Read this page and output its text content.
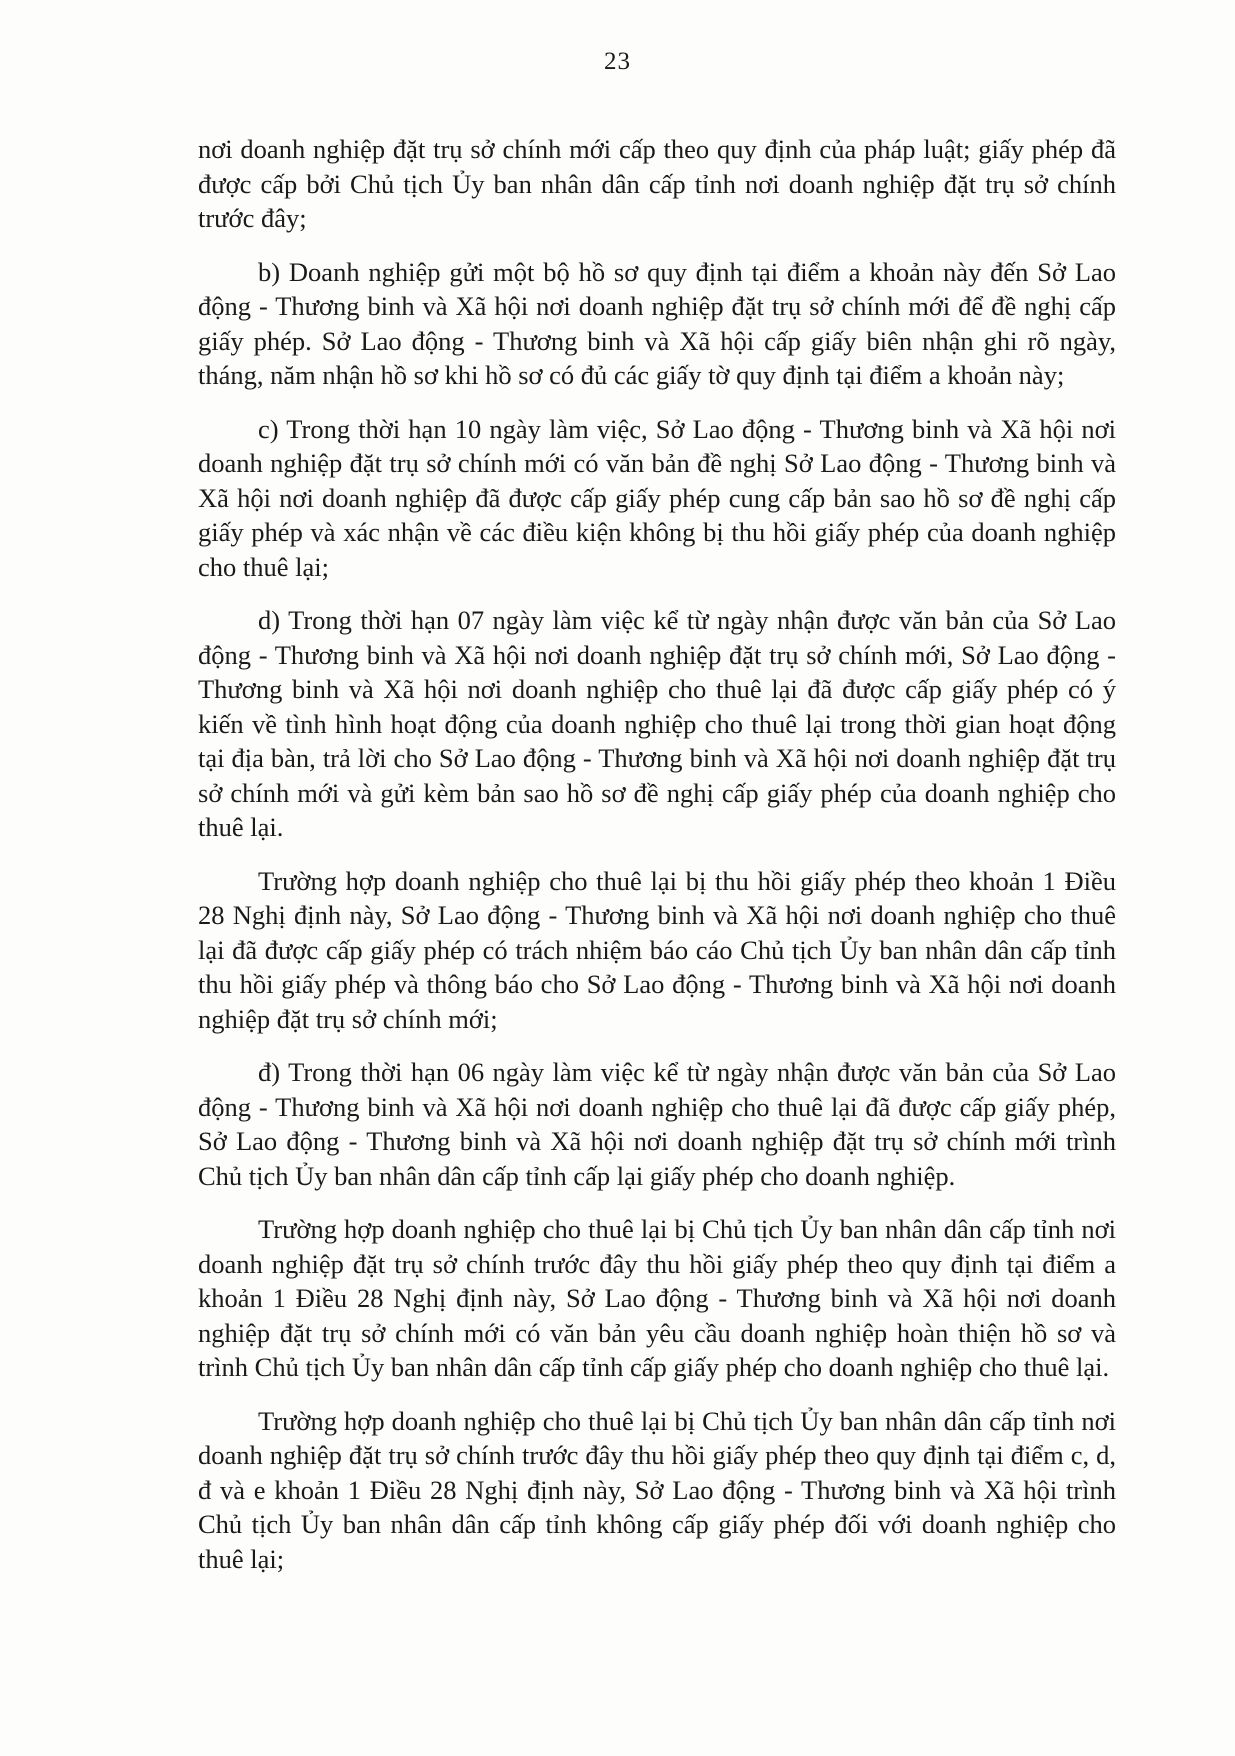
23

nơi doanh nghiệp đặt trụ sở chính mới cấp theo quy định của pháp luật; giấy phép đã được cấp bởi Chủ tịch Ủy ban nhân dân cấp tỉnh nơi doanh nghiệp đặt trụ sở chính trước đây;

b) Doanh nghiệp gửi một bộ hồ sơ quy định tại điểm a khoản này đến Sở Lao động - Thương binh và Xã hội nơi doanh nghiệp đặt trụ sở chính mới để đề nghị cấp giấy phép. Sở Lao động - Thương binh và Xã hội cấp giấy biên nhận ghi rõ ngày, tháng, năm nhận hồ sơ khi hồ sơ có đủ các giấy tờ quy định tại điểm a khoản này;

c) Trong thời hạn 10 ngày làm việc, Sở Lao động - Thương binh và Xã hội nơi doanh nghiệp đặt trụ sở chính mới có văn bản đề nghị Sở Lao động - Thương binh và Xã hội nơi doanh nghiệp đã được cấp giấy phép cung cấp bản sao hồ sơ đề nghị cấp giấy phép và xác nhận về các điều kiện không bị thu hồi giấy phép của doanh nghiệp cho thuê lại;

d) Trong thời hạn 07 ngày làm việc kể từ ngày nhận được văn bản của Sở Lao động - Thương binh và Xã hội nơi doanh nghiệp đặt trụ sở chính mới, Sở Lao động - Thương binh và Xã hội nơi doanh nghiệp cho thuê lại đã được cấp giấy phép có ý kiến về tình hình hoạt động của doanh nghiệp cho thuê lại trong thời gian hoạt động tại địa bàn, trả lời cho Sở Lao động - Thương binh và Xã hội nơi doanh nghiệp đặt trụ sở chính mới và gửi kèm bản sao hồ sơ đề nghị cấp giấy phép của doanh nghiệp cho thuê lại.

Trường hợp doanh nghiệp cho thuê lại bị thu hồi giấy phép theo khoản 1 Điều 28 Nghị định này, Sở Lao động - Thương binh và Xã hội nơi doanh nghiệp cho thuê lại đã được cấp giấy phép có trách nhiệm báo cáo Chủ tịch Ủy ban nhân dân cấp tỉnh thu hồi giấy phép và thông báo cho Sở Lao động - Thương binh và Xã hội nơi doanh nghiệp đặt trụ sở chính mới;

đ) Trong thời hạn 06 ngày làm việc kể từ ngày nhận được văn bản của Sở Lao động - Thương binh và Xã hội nơi doanh nghiệp cho thuê lại đã được cấp giấy phép, Sở Lao động - Thương binh và Xã hội nơi doanh nghiệp đặt trụ sở chính mới trình Chủ tịch Ủy ban nhân dân cấp tỉnh cấp lại giấy phép cho doanh nghiệp.

Trường hợp doanh nghiệp cho thuê lại bị Chủ tịch Ủy ban nhân dân cấp tỉnh nơi doanh nghiệp đặt trụ sở chính trước đây thu hồi giấy phép theo quy định tại điểm a khoản 1 Điều 28 Nghị định này, Sở Lao động - Thương binh và Xã hội nơi doanh nghiệp đặt trụ sở chính mới có văn bản yêu cầu doanh nghiệp hoàn thiện hồ sơ và trình Chủ tịch Ủy ban nhân dân cấp tỉnh cấp giấy phép cho doanh nghiệp cho thuê lại.

Trường hợp doanh nghiệp cho thuê lại bị Chủ tịch Ủy ban nhân dân cấp tỉnh nơi doanh nghiệp đặt trụ sở chính trước đây thu hồi giấy phép theo quy định tại điểm c, d, đ và e khoản 1 Điều 28 Nghị định này, Sở Lao động - Thương binh và Xã hội trình Chủ tịch Ủy ban nhân dân cấp tỉnh không cấp giấy phép đối với doanh nghiệp cho thuê lại;
